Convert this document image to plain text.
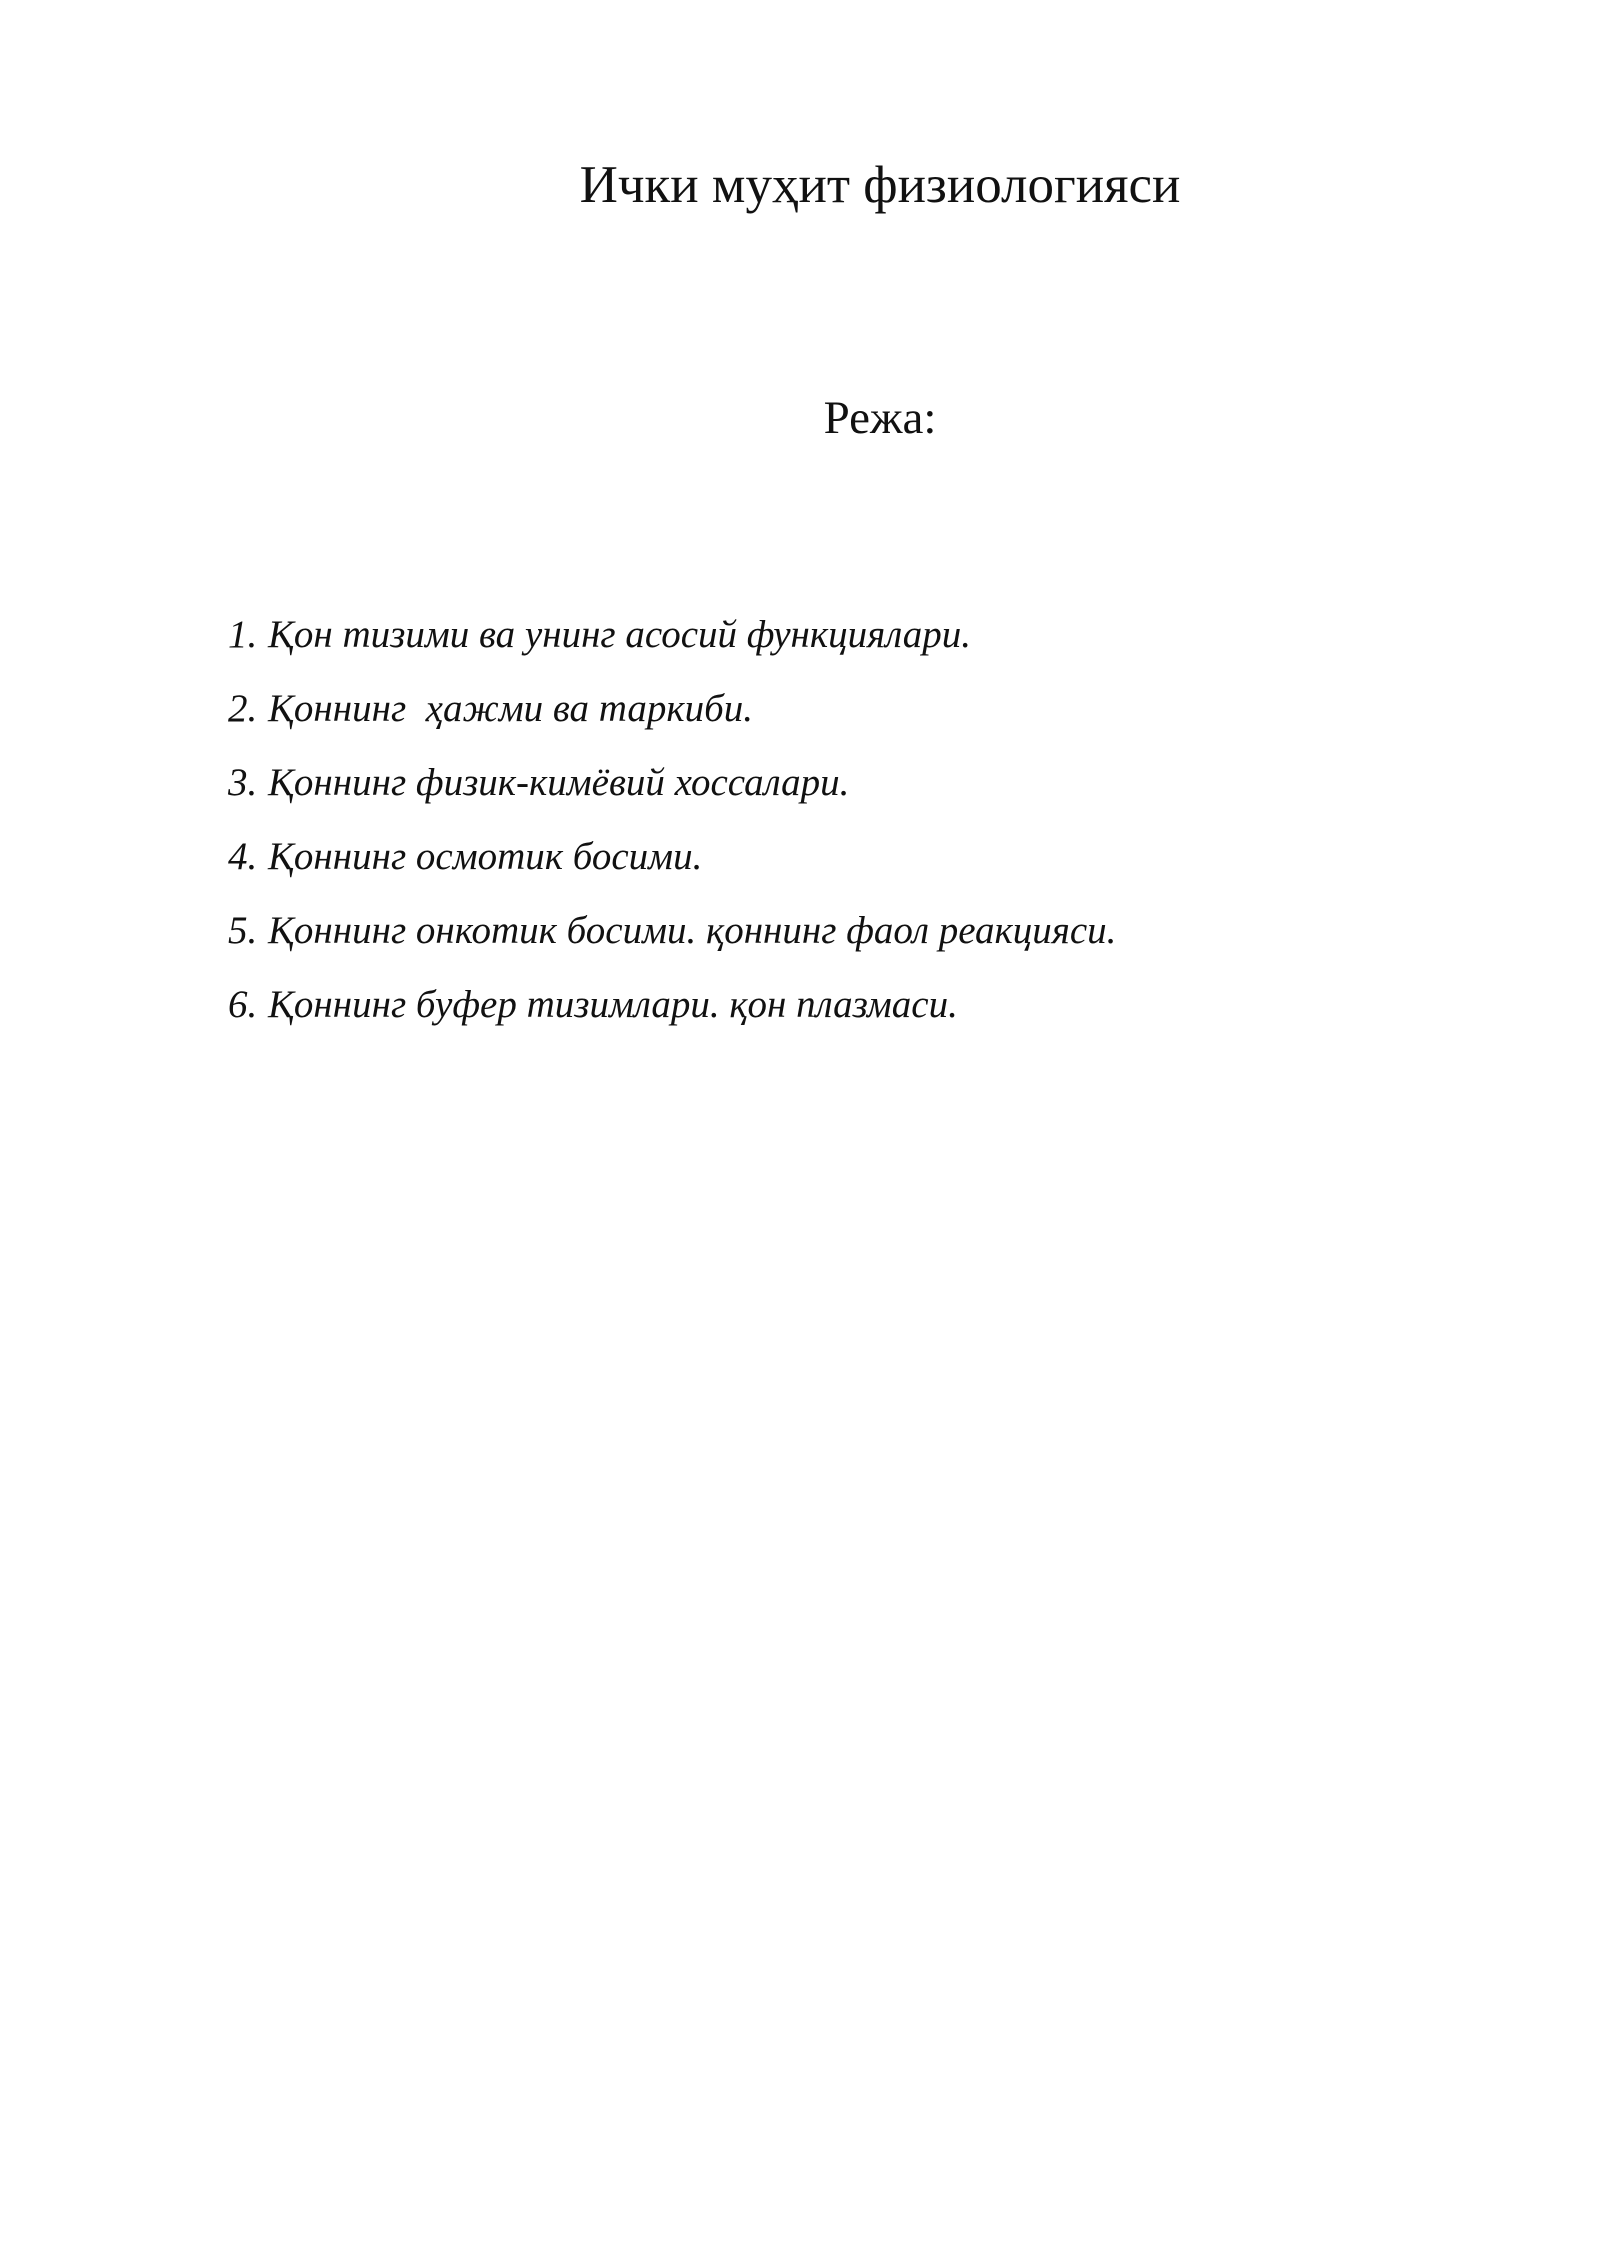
Ички муҳит физиологияси

Режа:

1. Қон тизими ва унинг асосий функциялари.
2. Қоннинг  ҳажми ва таркиби.
3. Қоннинг физик-кимёвий хоссалари.
4. Қоннинг осмотик босими.
5. Қоннинг онкотик босими. қоннинг фаол реакцияси.
6. Қоннинг буфер тизимлари. қон плазмаси.
